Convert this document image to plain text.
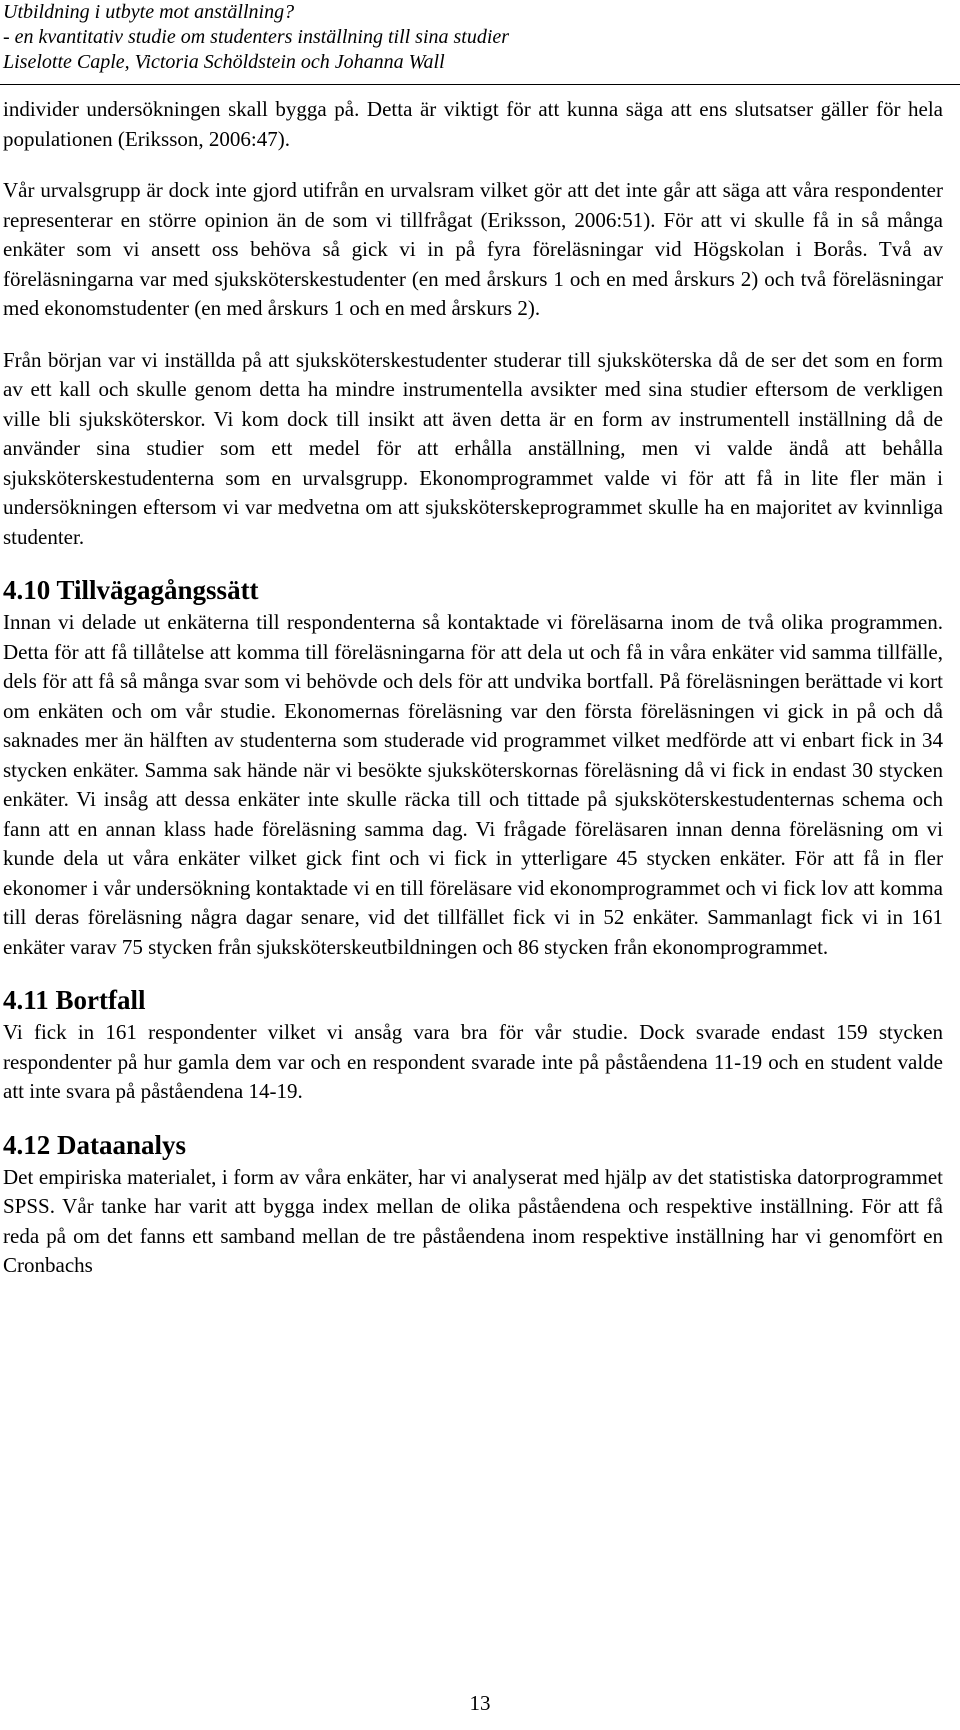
Utbildning i utbyte mot anställning?
- en kvantitativ studie om studenters inställning till sina studier
Liselotte Caple, Victoria Schöldstein och Johanna Wall

individer undersökningen skall bygga på. Detta är viktigt för att kunna säga att ens slutsatser gäller för hela populationen (Eriksson, 2006:47).

Vår urvalsgrupp är dock inte gjord utifrån en urvalsram vilket gör att det inte går att säga att våra respondenter representerar en större opinion än de som vi tillfrågat (Eriksson, 2006:51). För att vi skulle få in så många enkäter som vi ansett oss behöva så gick vi in på fyra föreläsningar vid Högskolan i Borås. Två av föreläsningarna var med sjuksköterskestudenter (en med årskurs 1 och en med årskurs 2) och två föreläsningar med ekonomstudenter (en med årskurs 1 och en med årskurs 2).

Från början var vi inställda på att sjuksköterskestudenter studerar till sjuksköterska då de ser det som en form av ett kall och skulle genom detta ha mindre instrumentella avsikter med sina studier eftersom de verkligen ville bli sjuksköterskor. Vi kom dock till insikt att även detta är en form av instrumentell inställning då de använder sina studier som ett medel för att erhålla anställning, men vi valde ändå att behålla sjuksköterskestudenterna som en urvalsgrupp. Ekonomprogrammet valde vi för att få in lite fler män i undersökningen eftersom vi var medvetna om att sjuksköterskeprogrammet skulle ha en majoritet av kvinnliga studenter.

4.10 Tillvägagångssätt

Innan vi delade ut enkäterna till respondenterna så kontaktade vi föreläsarna inom de två olika programmen. Detta för att få tillåtelse att komma till föreläsningarna för att dela ut och få in våra enkäter vid samma tillfälle, dels för att få så många svar som vi behövde och dels för att undvika bortfall. På föreläsningen berättade vi kort om enkäten och om vår studie. Ekonomernas föreläsning var den första föreläsningen vi gick in på och då saknades mer än hälften av studenterna som studerade vid programmet vilket medförde att vi enbart fick in 34 stycken enkäter. Samma sak hände när vi besökte sjuksköterskornas föreläsning då vi fick in endast 30 stycken enkäter. Vi insåg att dessa enkäter inte skulle räcka till och tittade på sjuksköterskestudenternas schema och fann att en annan klass hade föreläsning samma dag. Vi frågade föreläsaren innan denna föreläsning om vi kunde dela ut våra enkäter vilket gick fint och vi fick in ytterligare 45 stycken enkäter. För att få in fler ekonomer i vår undersökning kontaktade vi en till föreläsare vid ekonomprogrammet och vi fick lov att komma till deras föreläsning några dagar senare, vid det tillfället fick vi in 52 enkäter. Sammanlagt fick vi in 161 enkäter varav 75 stycken från sjuksköterskeutbildningen och 86 stycken från ekonomprogrammet.

4.11 Bortfall

Vi fick in 161 respondenter vilket vi ansåg vara bra för vår studie. Dock svarade endast 159 stycken respondenter på hur gamla dem var och en respondent svarade inte på påståendena 11-19 och en student valde att inte svara på påståendena 14-19.

4.12 Dataanalys

Det empiriska materialet, i form av våra enkäter, har vi analyserat med hjälp av det statistiska datorprogrammet SPSS. Vår tanke har varit att bygga index mellan de olika påståendena och respektive inställning. För att få reda på om det fanns ett samband mellan de tre påståendena inom respektive inställning har vi genomfört en Cronbachs

13
